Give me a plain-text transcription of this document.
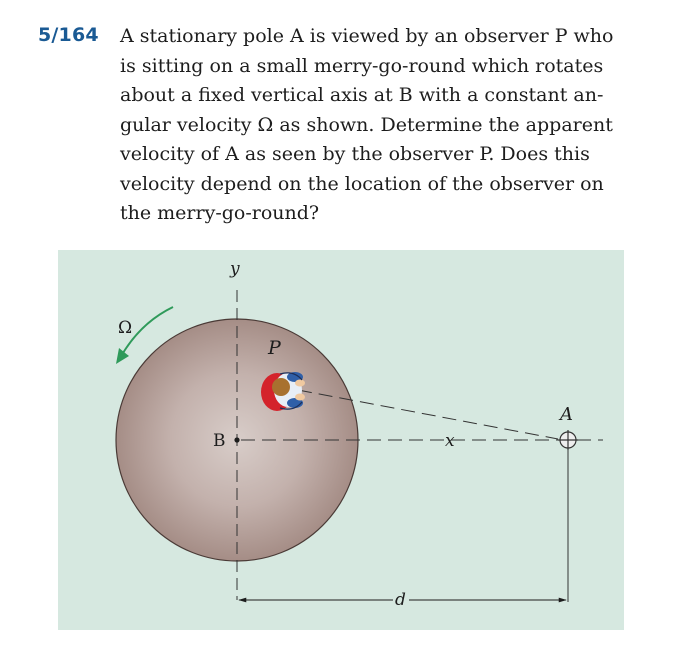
5/164 A stationary pole A is viewed by an observer P who
is sitting on a small merry-go-round which rotates
about a fixed vertical axis at B with a constant an-
gular velocity Ω as shown. Determine the apparent
velocity of A as seen by the observer P. Does this
velocity depend on the location of the observer on
the merry-go-round?

y
x
P
A
B
Ω
d
